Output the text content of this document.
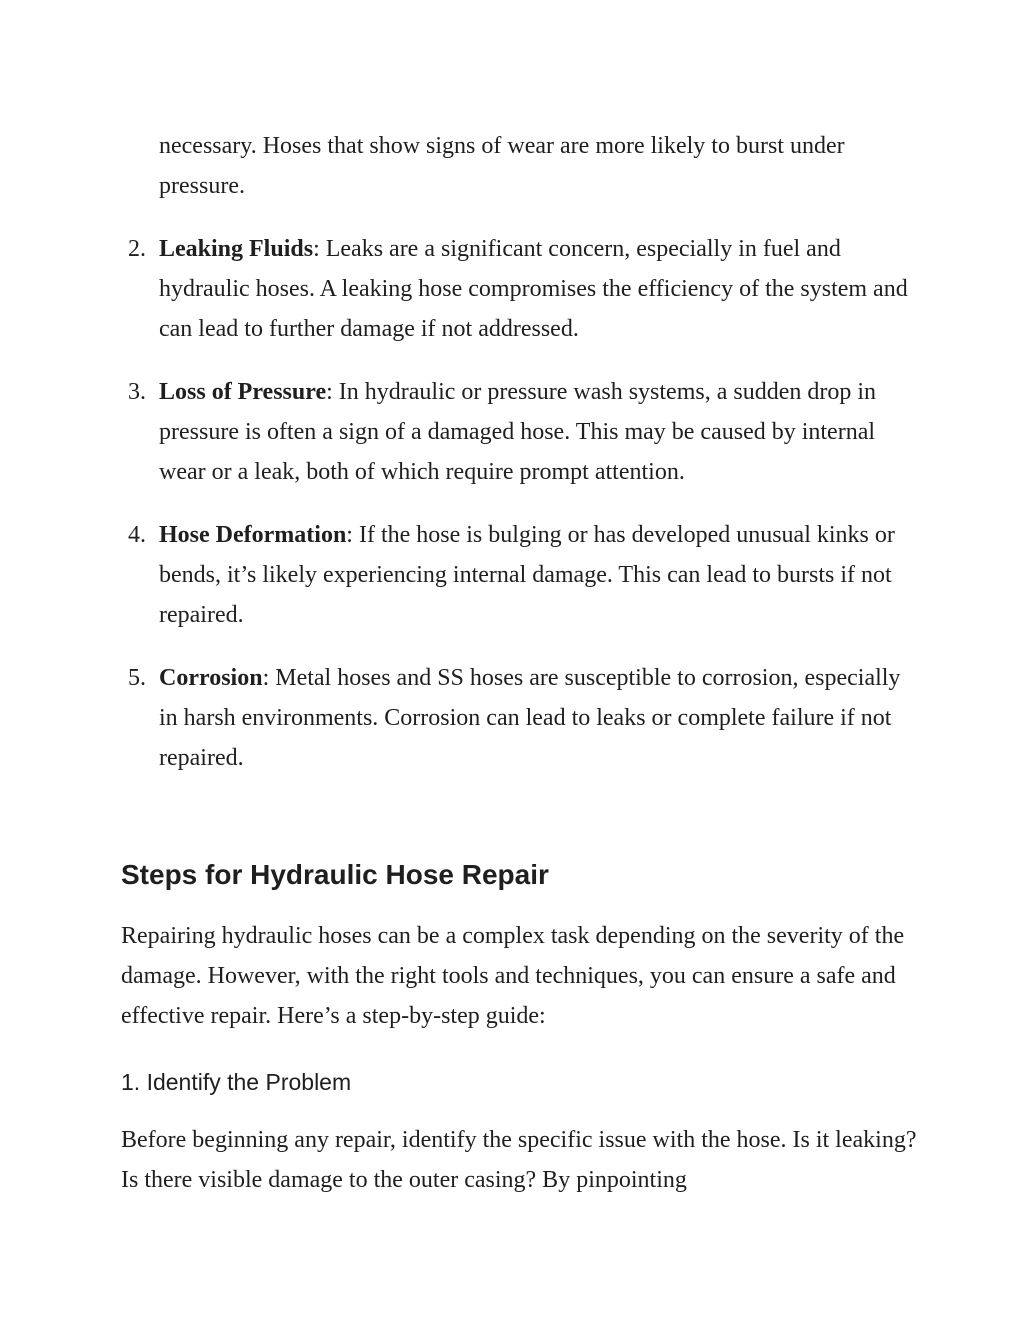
necessary. Hoses that show signs of wear are more likely to burst under pressure.

2. Leaking Fluids: Leaks are a significant concern, especially in fuel and hydraulic hoses. A leaking hose compromises the efficiency of the system and can lead to further damage if not addressed.
3. Loss of Pressure: In hydraulic or pressure wash systems, a sudden drop in pressure is often a sign of a damaged hose. This may be caused by internal wear or a leak, both of which require prompt attention.
4. Hose Deformation: If the hose is bulging or has developed unusual kinks or bends, it’s likely experiencing internal damage. This can lead to bursts if not repaired.
5. Corrosion: Metal hoses and SS hoses are susceptible to corrosion, especially in harsh environments. Corrosion can lead to leaks or complete failure if not repaired.
Steps for Hydraulic Hose Repair

Repairing hydraulic hoses can be a complex task depending on the severity of the damage. However, with the right tools and techniques, you can ensure a safe and effective repair. Here’s a step-by-step guide:

1. Identify the Problem

Before beginning any repair, identify the specific issue with the hose. Is it leaking? Is there visible damage to the outer casing? By pinpointing
